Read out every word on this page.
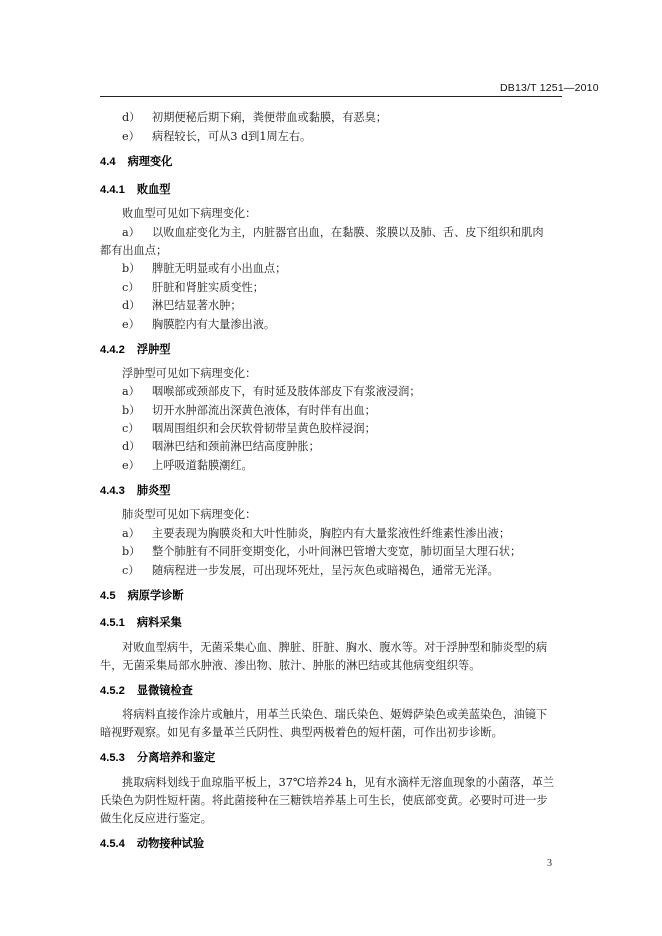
DB13/T 1251—2010
d） 初期便秘后期下痢，粪便带血或黏膜，有恶臭；
e） 病程较长，可从3 d到1周左右。
4.4 病理变化
4.4.1 败血型
败血型可见如下病理变化：
a） 以败血症变化为主，内脏器官出血，在黏膜、浆膜以及肺、舌、皮下组织和肌肉
都有出血点；
b） 脾脏无明显或有小出血点；
c） 肝脏和肾脏实质变性；
d） 淋巴结显著水肿；
e） 胸膜腔内有大量渗出液。
4.4.2 浮肿型
浮肿型可见如下病理变化：
a） 咽喉部或颈部皮下，有时延及肢体部皮下有浆液浸润；
b） 切开水肿部流出深黄色液体，有时伴有出血；
c） 咽周围组织和会厌软骨韧带呈黄色胶样浸润；
d） 咽淋巴结和颈前淋巴结高度肿胀；
e） 上呼吸道黏膜潮红。
4.4.3 肺炎型
肺炎型可见如下病理变化：
a） 主要表现为胸膜炎和大叶性肺炎，胸腔内有大量浆液性纤维素性渗出液；
b） 整个肺脏有不同肝变期变化，小叶间淋巴管增大变宽，肺切面呈大理石状；
c） 随病程进一步发展，可出现坏死灶，呈污灰色或暗褐色，通常无光泽。
4.5 病原学诊断
4.5.1 病料采集
对败血型病牛，无菌采集心血、脾脏、肝脏、胸水、腹水等。对于浮肿型和肺炎型的病
牛，无菌采集局部水肿液、渗出物、脓汁、肿胀的淋巴结或其他病变组织等。
4.5.2 显微镜检查
将病料直接作涂片或触片，用革兰氏染色、瑞氏染色、姬姆萨染色或美蓝染色，油镜下
暗视野观察。如见有多量革兰氏阴性、典型两极着色的短杆菌，可作出初步诊断。
4.5.3 分离培养和鉴定
挑取病料划线于血琼脂平板上，37℃培养24 h，见有水滴样无溶血现象的小菌落，革兰
氏染色为阴性短杆菌。将此菌接种在三糖铁培养基上可生长，使底部变黄。必要时可进一步
做生化反应进行鉴定。
4.5.4 动物接种试验
3
